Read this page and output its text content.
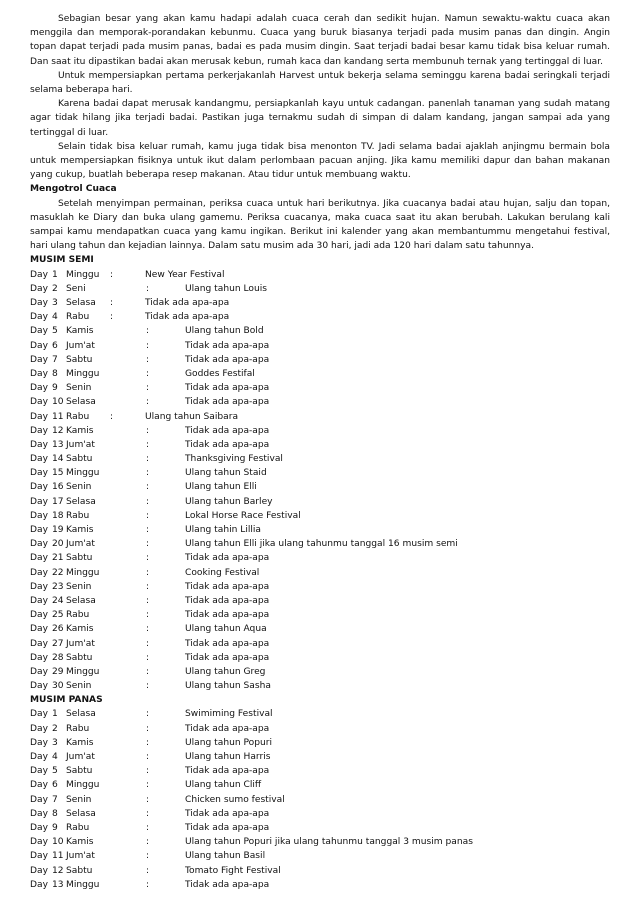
Sebagian besar yang akan kamu hadapi adalah cuaca cerah dan sedikit hujan. Namun sewaktu-waktu cuaca akan menggila dan memporak-porandakan kebunmu. Cuaca yang buruk biasanya terjadi pada musim panas dan dingin. Angin topan dapat terjadi pada musim panas, badai es pada musim dingin. Saat terjadi badai besar kamu tidak bisa keluar rumah. Dan saat itu dipastikan badai akan merusak kebun, rumah kaca dan kandang serta membunuh ternak yang tertinggal di luar.

Untuk mempersiapkan pertama perkerjakanlah Harvest untuk bekerja selama seminggu karena badai seringkali terjadi selama beberapa hari.

Karena badai dapat merusak kandangmu, persiapkanlah kayu untuk cadangan. panenlah tanaman yang sudah matang agar tidak hilang jika terjadi badai. Pastikan juga ternakmu sudah di simpan di dalam kandang, jangan sampai ada yang tertinggal di luar.

Selain tidak bisa keluar rumah, kamu juga tidak bisa menonton TV. Jadi selama badai ajaklah anjingmu bermain bola untuk mempersiapkan fisiknya untuk ikut dalam perlombaan pacuan anjing. Jika kamu memiliki dapur dan bahan makanan yang cukup, buatlah beberapa resep makanan. Atau tidur untuk membuang waktu.

Mengotrol Cuaca

Setelah menyimpan permainan, periksa cuaca untuk hari berikutnya. Jika cuacanya badai atau hujan, salju dan topan, masuklah ke Diary dan buka ulang gamemu. Periksa cuacanya, maka cuaca saat itu akan berubah. Lakukan berulang kali sampai kamu mendapatkan cuaca yang kamu ingikan. Berikut ini kalender yang akan membantummu mengetahui festival, hari ulang tahun dan kejadian lainnya. Dalam satu musim ada 30 hari, jadi ada 120 hari dalam satu tahunnya.

MUSIM SEMI

Day 1 Minggu :	New Year Festival
Day 2 Seni	:	Ulang tahun Louis
Day 3 Selasa :	Tidak ada apa-apa
Day 4 Rabu :	Tidak ada apa-apa
Day 5 Kamis	:	Ulang tahun Bold
Day 6 Jum'at	:	Tidak ada apa-apa
Day 7 Sabtu	:	Tidak ada apa-apa
Day 8 Minggu	:	Goddes Festifal
Day 9 Senin	:	Tidak ada apa-apa
Day 10 Selasa	:	Tidak ada apa-apa
Day 11 Rabu :	Ulang tahun Saibara
Day 12 Kamis	:	Tidak ada apa-apa
Day 13 Jum'at	:	Tidak ada apa-apa
Day 14 Sabtu	:	Thanksgiving Festival
Day 15 Minggu	:	Ulang tahun Staid
Day 16 Senin	:	Ulang tahun Elli
Day 17 Selasa	:	Ulang tahun Barley
Day 18 Rabu	:	Lokal Horse Race Festival
Day 19 Kamis	:	Ulang tahin Lillia
Day 20 Jum'at	:	Ulang tahun Elli jika ulang tahunmu tanggal 16 musim semi
Day 21 Sabtu	:	Tidak ada apa-apa
Day 22 Minggu	:	Cooking Festival
Day 23 Senin	:	Tidak ada apa-apa
Day 24 Selasa	:	Tidak ada apa-apa
Day 25 Rabu	:	Tidak ada apa-apa
Day 26 Kamis	:	Ulang tahun Aqua
Day 27 Jum'at	:	Tidak ada apa-apa
Day 28 Sabtu	:	Tidak ada apa-apa
Day 29 Minggu	:	Ulang tahun Greg
Day 30 Senin	:	Ulang tahun Sasha

MUSIM PANAS

Day 1 Selasa	:	Swimiming Festival
Day 2 Rabu	:	Tidak ada apa-apa
Day 3 Kamis	:	Ulang tahun Popuri
Day 4 Jum'at	:	Ulang tahun Harris
Day 5 Sabtu	:	Tidak ada apa-apa
Day 6 Minggu	:	Ulang tahun Cliff
Day 7 Senin	:	Chicken sumo festival
Day 8 Selasa	:	Tidak ada apa-apa
Day 9 Rabu	:	Tidak ada apa-apa
Day 10 Kamis	:	Ulang tahun Popuri jika ulang tahunmu tanggal 3 musim panas
Day 11 Jum'at	:	Ulang tahun Basil
Day 12 Sabtu	:	Tomato Fight Festival
Day 13 Minggu	:	Tidak ada apa-apa
